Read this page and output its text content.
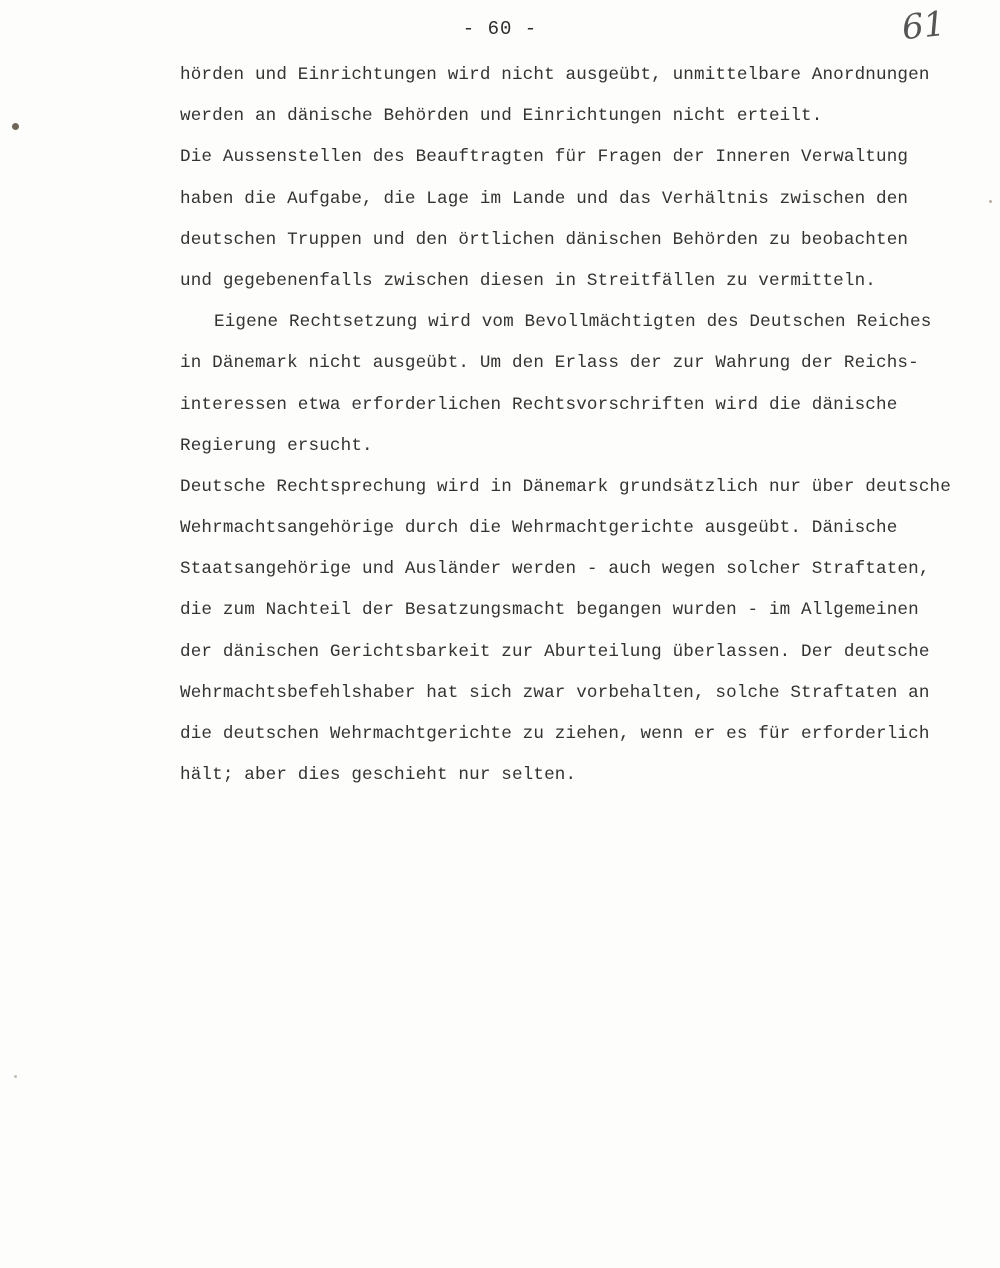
- 60 -	61
hörden und Einrichtungen wird nicht ausgeübt, unmittelbare Anordnungen
werden an dänische Behörden und Einrichtungen nicht erteilt.
Die Aussenstellen des Beauftragten für Fragen der Inneren Verwaltung
haben die Aufgabe, die Lage im Lande und das Verhältnis zwischen den
deutschen Truppen und den örtlichen dänischen Behörden zu beobachten
und gegebenenfalls zwischen diesen in Streitfällen zu vermitteln.
Eigene Rechtsetzung wird vom Bevollmächtigten des Deutschen Reiches
in Dänemark nicht ausgeübt. Um den Erlass der zur Wahrung der Reichs-
interessen etwa erforderlichen Rechtsvorschriften wird die dänische
Regierung ersucht.
Deutsche Rechtsprechung wird in Dänemark grundsätzlich nur über deutsche
Wehrmachtsangehörige durch die Wehrmachtgerichte ausgeübt. Dänische
Staatsangehörige und Ausländer werden - auch wegen solcher Straftaten,
die zum Nachteil der Besatzungsmacht begangen wurden - im Allgemeinen
der dänischen Gerichtsbarkeit zur Aburteilung überlassen. Der deutsche
Wehrmachtsbefehlshaber hat sich zwar vorbehalten, solche Straftaten an
die deutschen Wehrmachtgerichte zu ziehen, wenn er es für erforderlich
hält; aber dies geschieht nur selten.
